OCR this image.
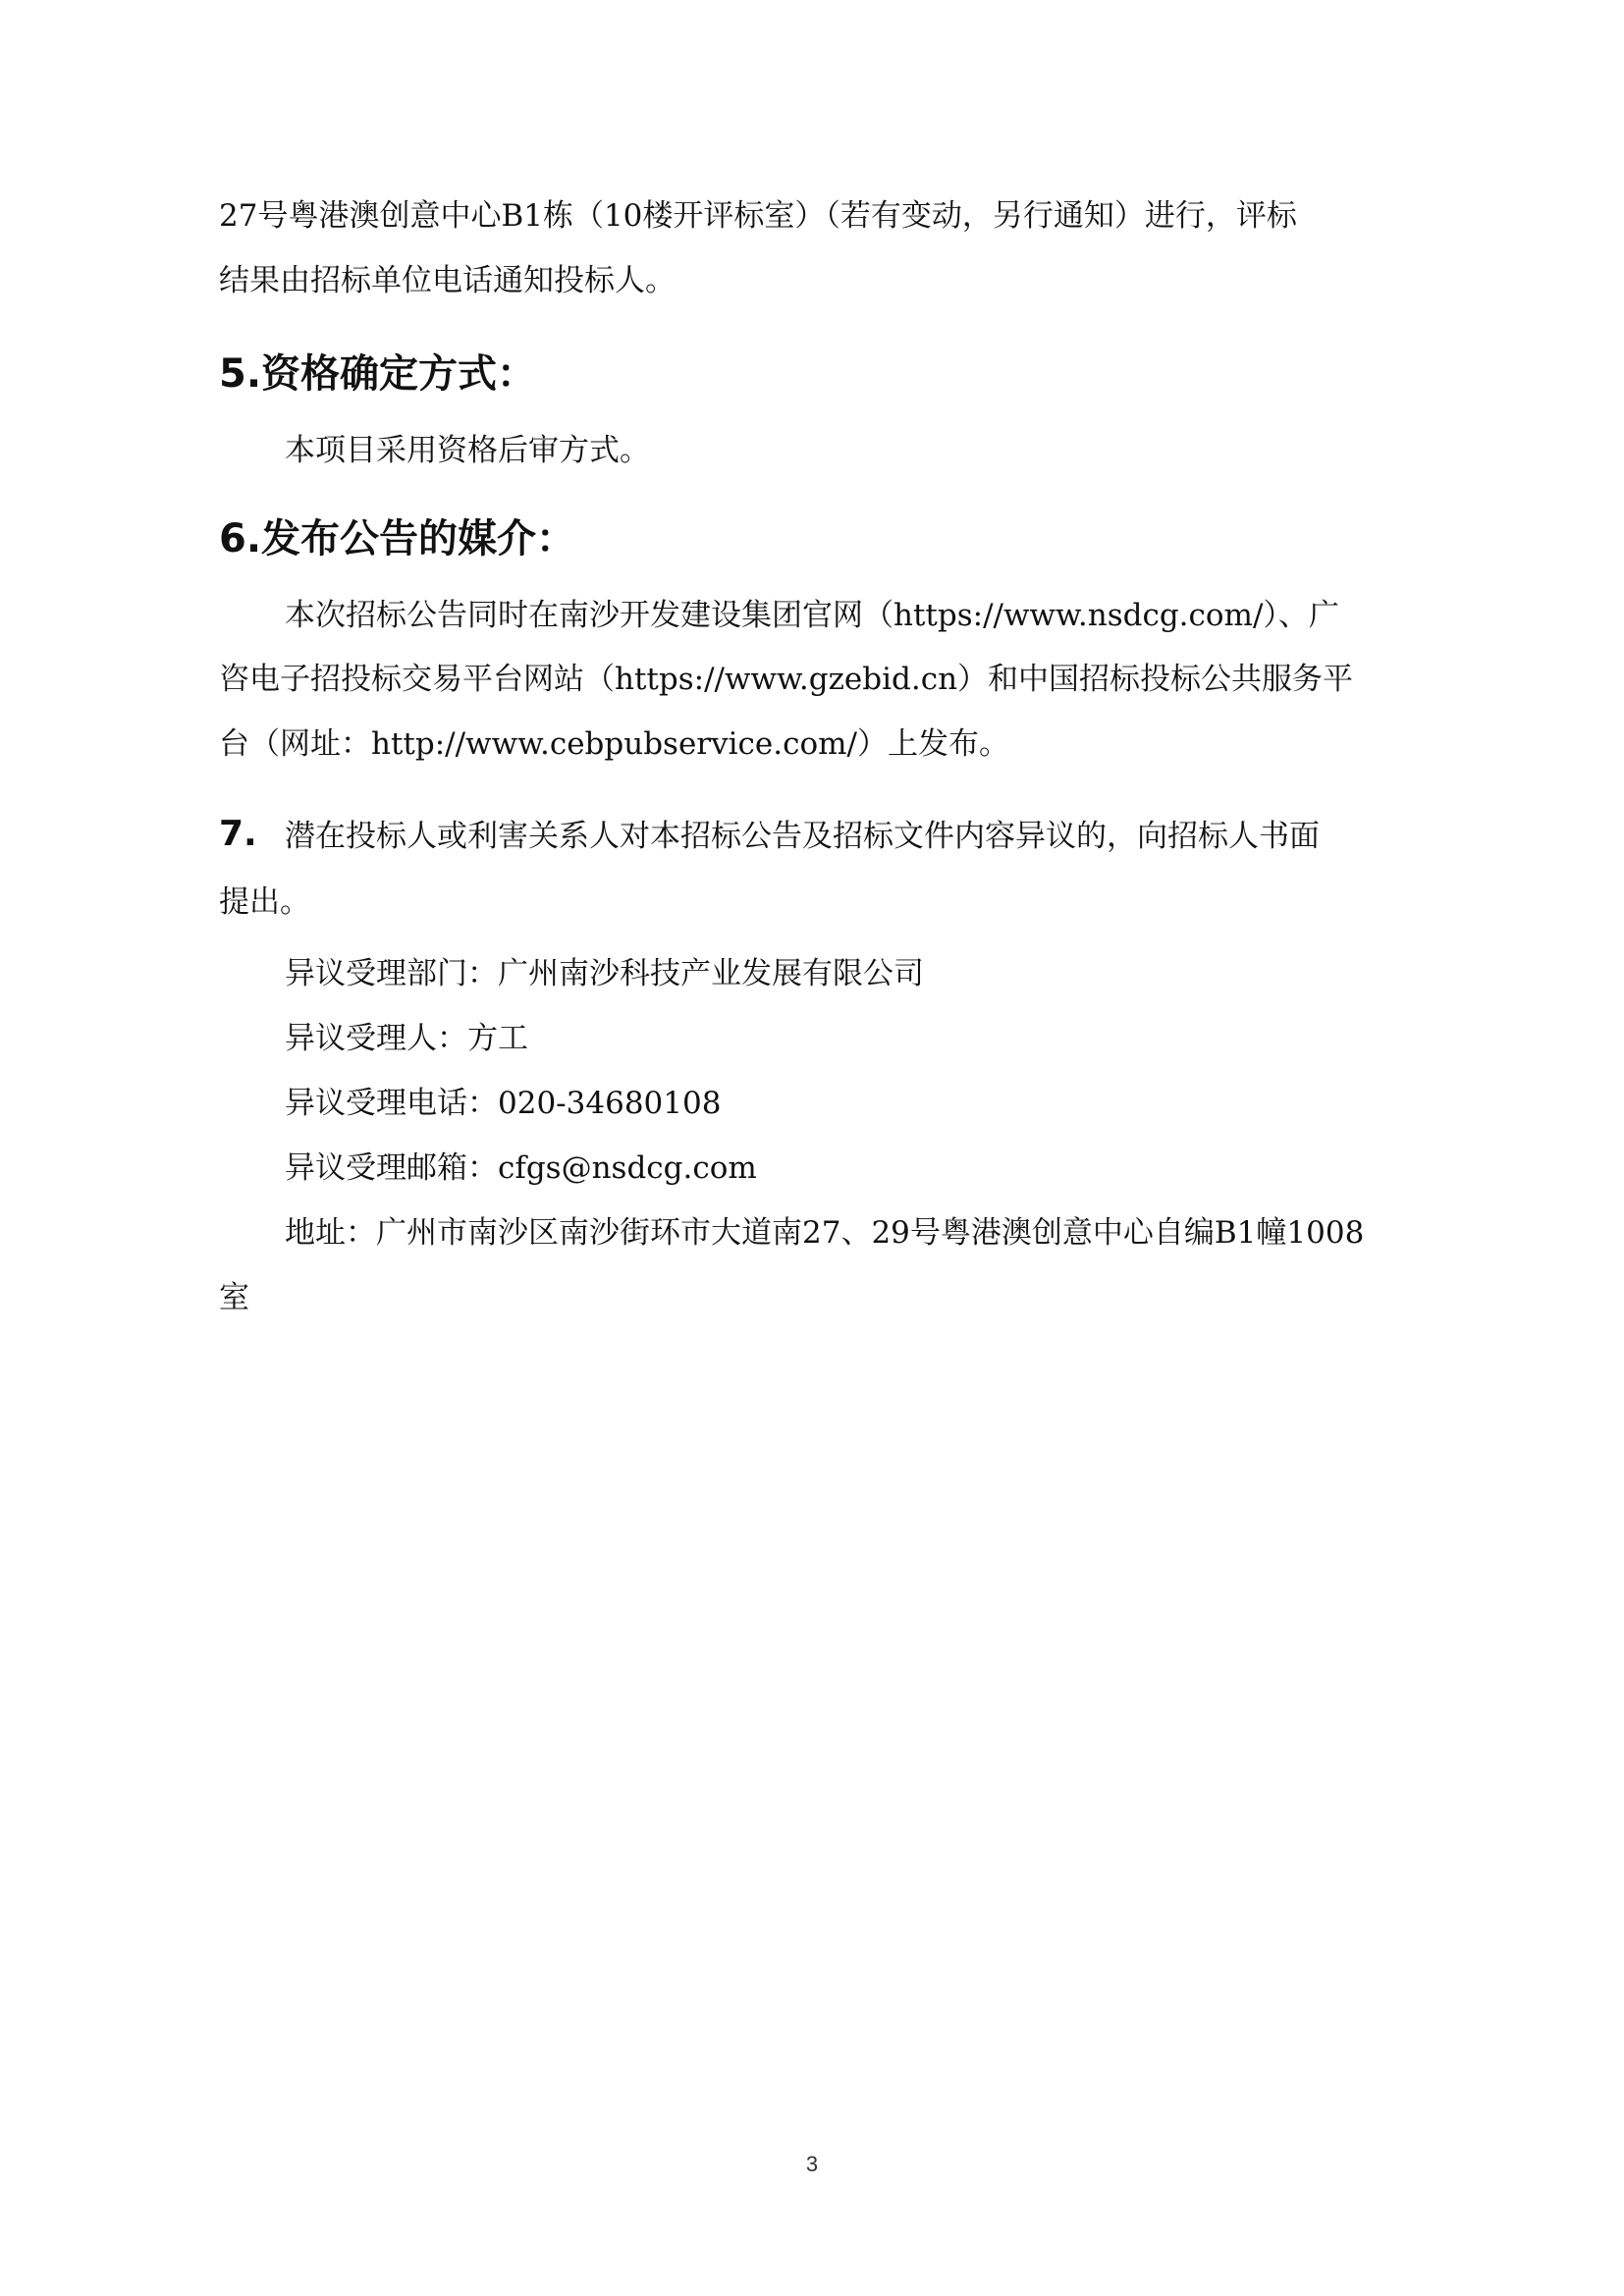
27号粤港澳创意中心B1栋（10楼开评标室）（若有变动，另行通知）进行，评标
结果由招标单位电话通知投标人。
5.资格确定方式：
本项目采用资格后审方式。
6.发布公告的媒介：
本次招标公告同时在南沙开发建设集团官网（https://www.nsdcg.com/）、广
咨电子招投标交易平台网站（https://www.gzebid.cn）和中国招标投标公共服务平
台（网址：http://www.cebpubservice.com/）上发布。
7. 潜在投标人或利害关系人对本招标公告及招标文件内容异议的，向招标人书面
提出。
异议受理部门：广州南沙科技产业发展有限公司
异议受理人：方工
异议受理电话：020-34680108
异议受理邮箱：cfgs@nsdcg.com
地址：广州市南沙区南沙街环市大道南27、29号粤港澳创意中心自编B1幢1008
室
3
